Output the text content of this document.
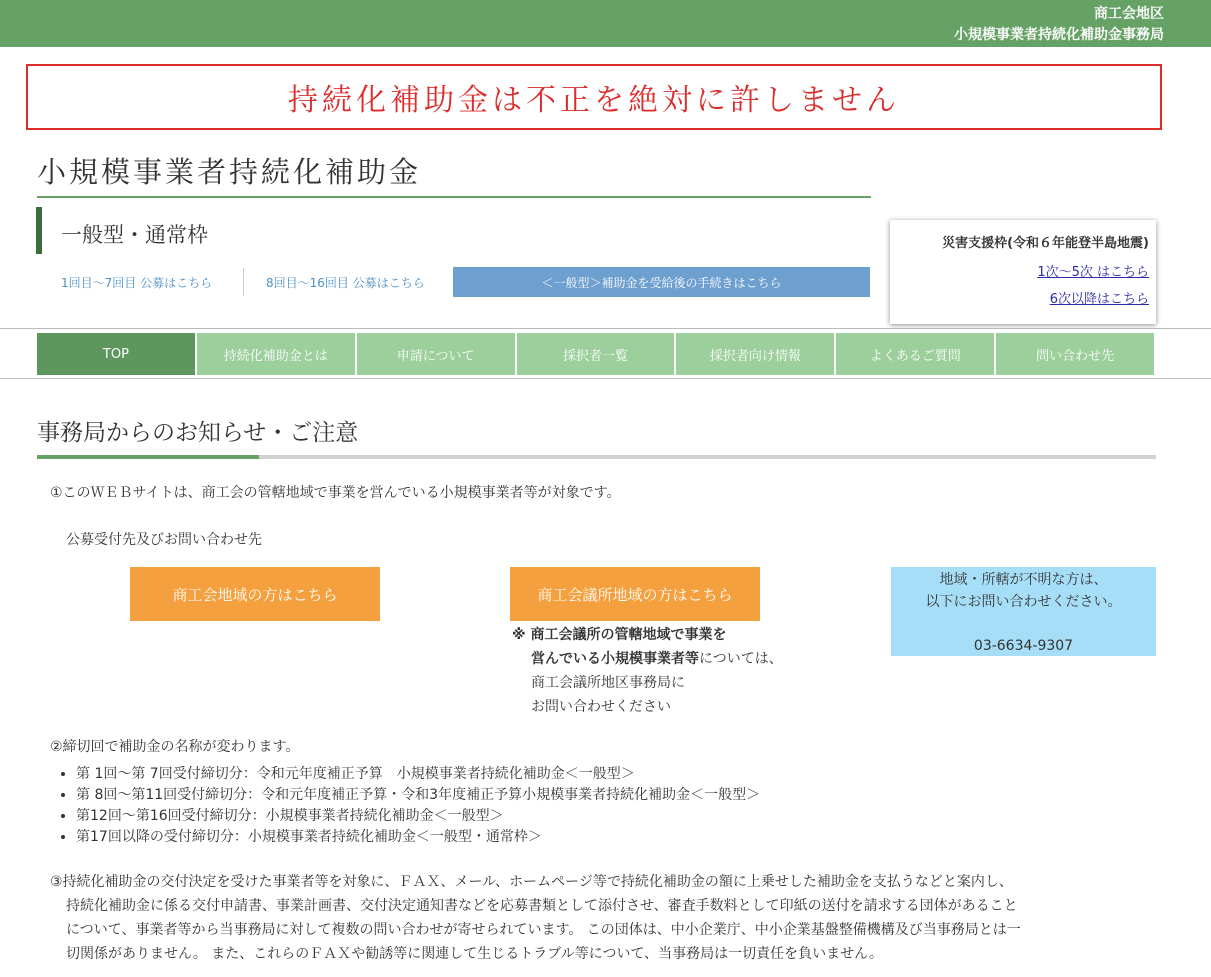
商工会地区
小規模事業者持続化補助金事務局
持続化補助金は不正を絶対に許しません
小規模事業者持続化補助金
一般型・通常枠
1回目〜7回目 公募はこちら	8回目〜16回目 公募はこちら	＜一般型＞補助金を受給後の手続きはこちら
災害支援枠(令和６年能登半島地震)
1次〜5次 はこちら
6次以降はこちら
TOP	持続化補助金とは	申請について	採択者一覧	採択者向け情報	よくあるご質問	問い合わせ先
事務局からのお知らせ・ご注意
①このＷＥＢサイトは、商工会の管轄地域で事業を営んでいる小規模事業者等が対象です。
公募受付先及びお問い合わせ先
商工会地域の方はこちら	商工会議所地域の方はこちら
地域・所轄が不明な方は、
以下にお問い合わせください。
03-6634-9307
※ 商工会議所の管轄地域で事業を
営んでいる小規模事業者等については、
商工会議所地区事務局に
お問い合わせください
②締切回で補助金の名称が変わります。
• 第 1回〜第 7回受付締切分：令和元年度補正予算　小規模事業者持続化補助金＜一般型＞
• 第 8回〜第11回受付締切分：令和元年度補正予算・令和3年度補正予算小規模事業者持続化補助金＜一般型＞
• 第12回〜第16回受付締切分：小規模事業者持続化補助金＜一般型＞
• 第17回以降の受付締切分：小規模事業者持続化補助金＜一般型・通常枠＞
③持続化補助金の交付決定を受けた事業者等を対象に、ＦＡＸ、メール、ホームページ等で持続化補助金の額に上乗せした補助金を支払うなどと案内し、
持続化補助金に係る交付申請書、事業計画書、交付決定通知書などを応募書類として添付させ、審査手数料として印紙の送付を請求する団体があること
について、事業者等から当事務局に対して複数の問い合わせが寄せられています。 この団体は、中小企業庁、中小企業基盤整備機構及び当事務局とは一
切関係がありません。 また、これらのＦＡＸや勧誘等に関連して生じるトラブル等について、当事務局は一切責任を負いません。
